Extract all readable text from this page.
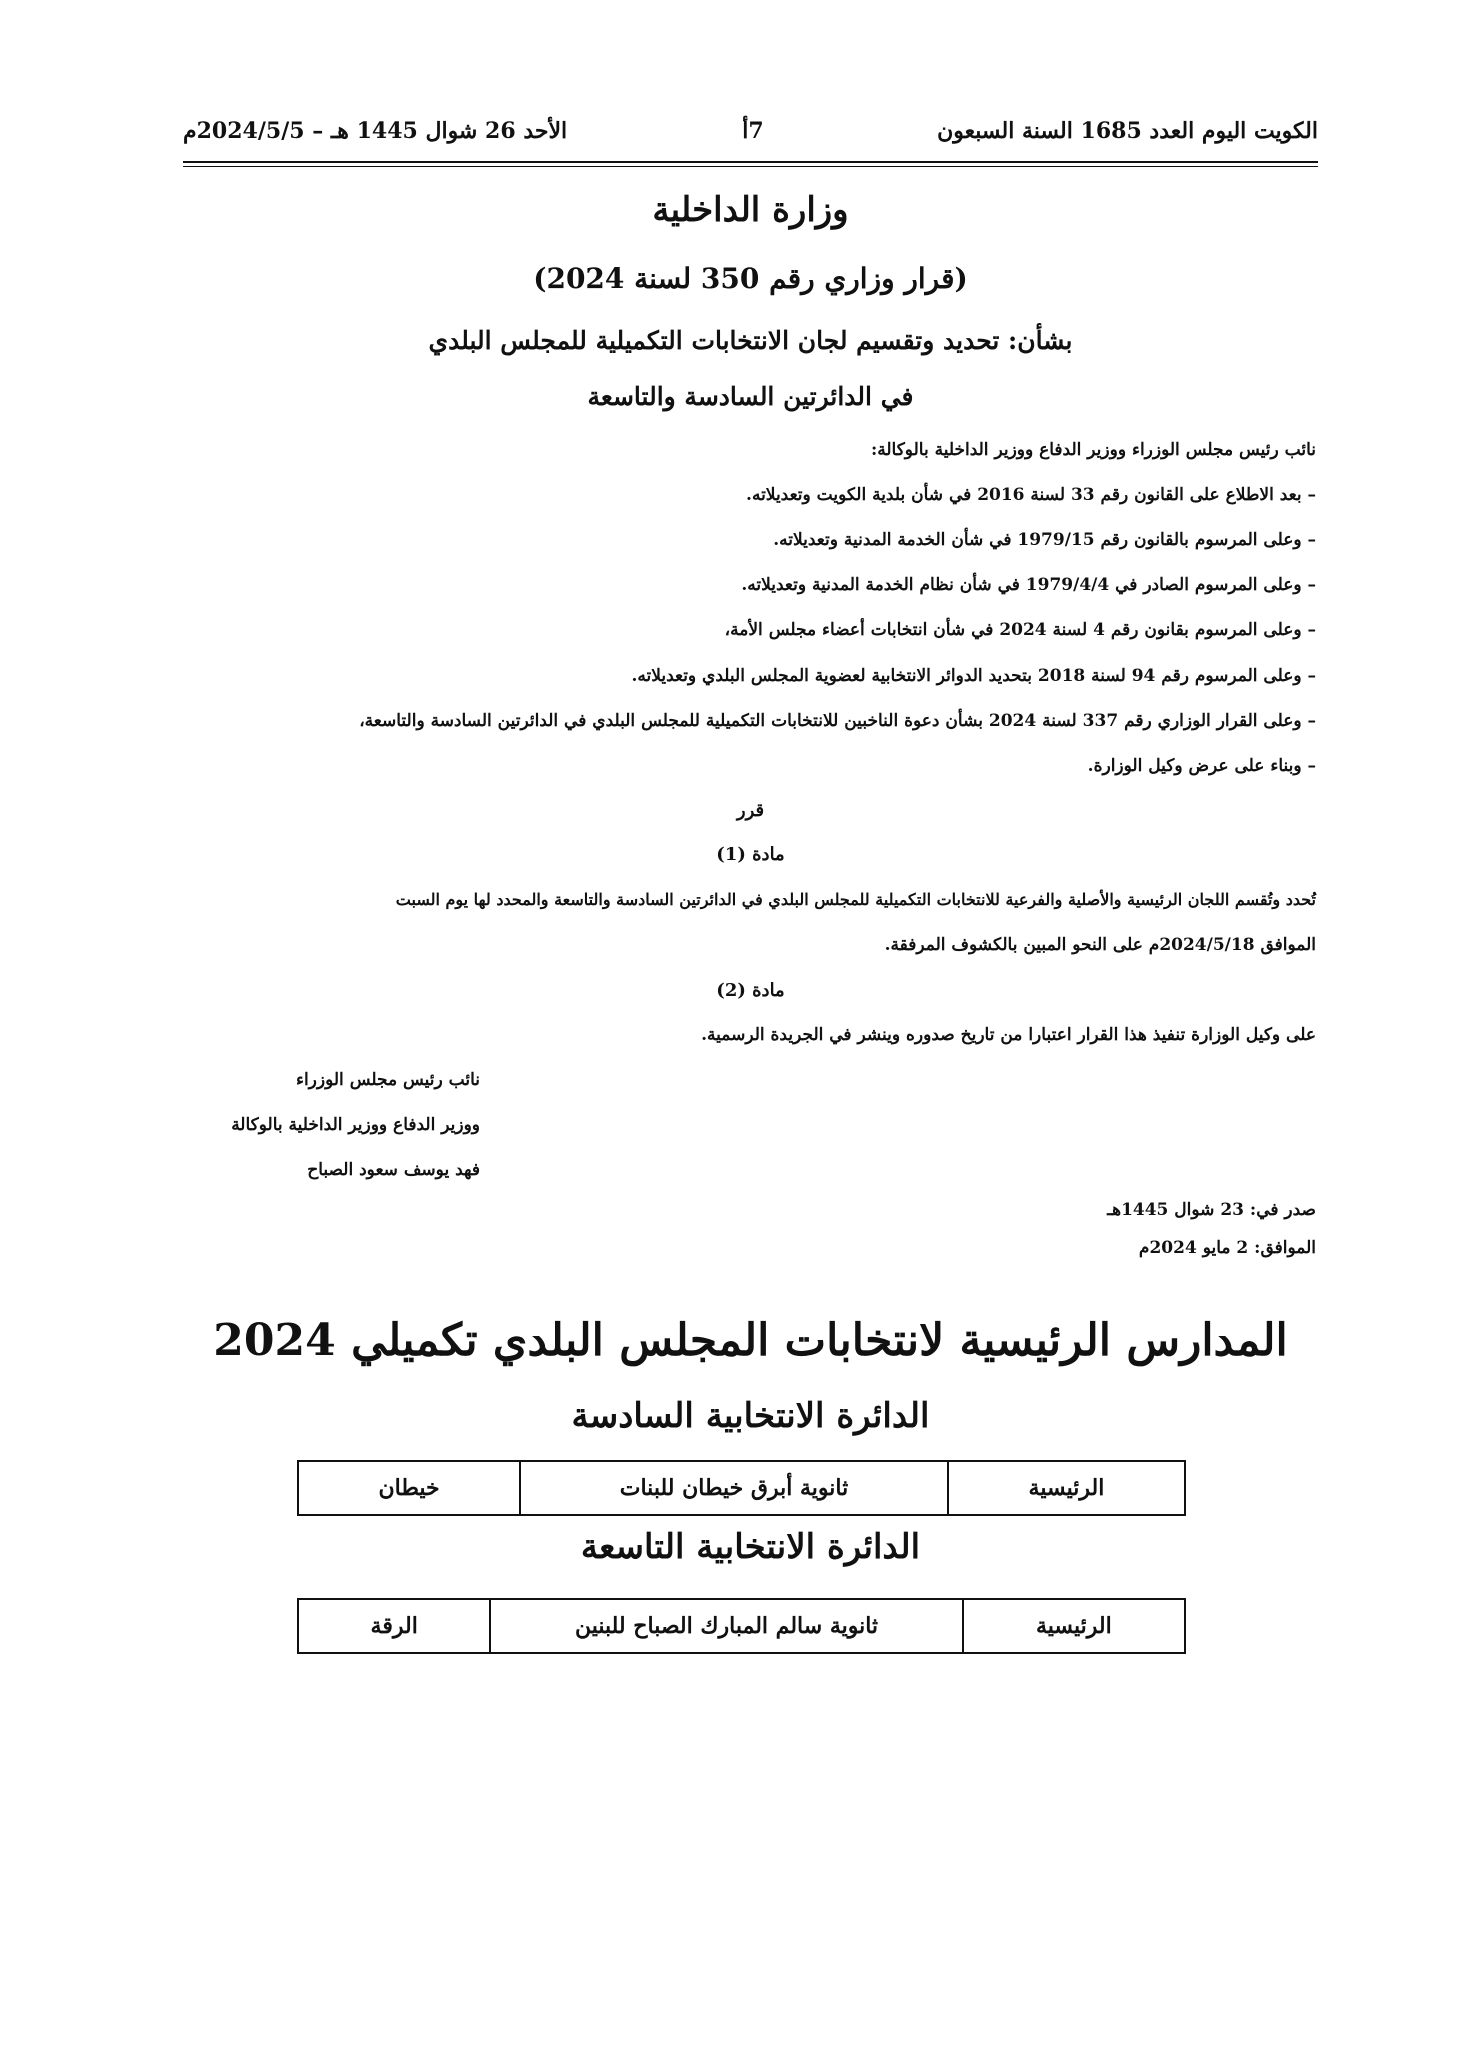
الكويت اليوم العدد 1685 السنة السبعون
7أ
الأحد 26 شوال 1445 هـ – 2024/5/5م
وزارة الداخلية
(قرار وزاري رقم 350 لسنة 2024)
بشأن: تحديد وتقسيم لجان الانتخابات التكميلية للمجلس البلدي
في الدائرتين السادسة والتاسعة
نائب رئيس مجلس الوزراء ووزير الدفاع ووزير الداخلية بالوكالة:
– بعد الاطلاع على القانون رقم 33 لسنة 2016 في شأن بلدية الكويت وتعديلاته.
– وعلى المرسوم بالقانون رقم 1979/15 في شأن الخدمة المدنية وتعديلاته.
– وعلى المرسوم الصادر في 1979/4/4 في شأن نظام الخدمة المدنية وتعديلاته.
– وعلى المرسوم بقانون رقم 4 لسنة 2024 في شأن انتخابات أعضاء مجلس الأمة،
– وعلى المرسوم رقم 94 لسنة 2018 بتحديد الدوائر الانتخابية لعضوية المجلس البلدي وتعديلاته.
– وعلى القرار الوزاري رقم 337 لسنة 2024 بشأن دعوة الناخبين للانتخابات التكميلية للمجلس البلدي في الدائرتين السادسة والتاسعة،
– وبناء على عرض وكيل الوزارة.
قرر
مادة (1)
تُحدد وتُقسم اللجان الرئيسية والأصلية والفرعية للانتخابات التكميلية للمجلس البلدي في الدائرتين السادسة والتاسعة والمحدد لها يوم السبت
الموافق 2024/5/18م على النحو المبين بالكشوف المرفقة.
مادة (2)
على وكيل الوزارة تنفيذ هذا القرار اعتبارا من تاريخ صدوره وينشر في الجريدة الرسمية.
نائب رئيس مجلس الوزراء
ووزير الدفاع ووزير الداخلية بالوكالة
فهد يوسف سعود الصباح
صدر في: 23 شوال 1445هـ
الموافق: 2 مايو 2024م
المدارس الرئيسية لانتخابات المجلس البلدي تكميلي 2024
الدائرة الانتخابية السادسة
الرئيسية	ثانوية أبرق خيطان للبنات	خيطان
الدائرة الانتخابية التاسعة
الرئيسية	ثانوية سالم المبارك الصباح للبنين	الرقة
